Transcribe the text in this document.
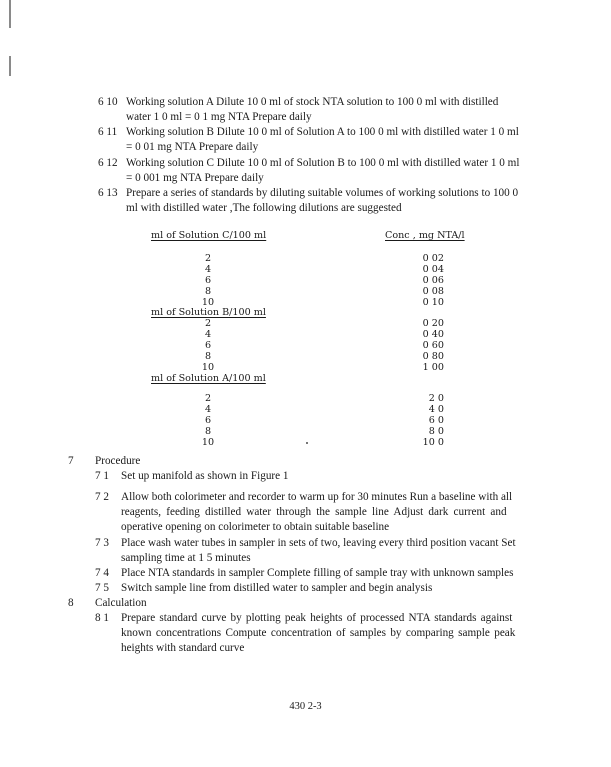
6 10 Working solution A Dilute 10 0 ml of stock NTA solution to 100 0 ml with distilled
water 1 0 ml = 0 1 mg NTA Prepare daily
6 11 Working solution B Dilute 10 0 ml of Solution A to 100 0 ml with distilled water 1 0 ml
= 0 01 mg NTA Prepare daily
6 12 Working solution C Dilute 10 0 ml of Solution B to 100 0 ml with distilled water 1 0 ml
= 0 001 mg NTA Prepare daily
6 13 Prepare a series of standards by diluting suitable volumes of working solutions to 100 0
ml with distilled water ,The following dilutions are suggested
ml of Solution C/100 ml	Conc , mg NTA/l
2	0 02
4	0 04
6	0 06
8	0 08
10	0 10
ml of Solution B/100 ml
2	0 20
4	0 40
6	0 60
8	0 80
10	1 00
ml of Solution A/100 ml
2	2 0
4	4 0
6	6 0
8	8 0
10	10 0
7 Procedure
7 1 Set up manifold as shown in Figure 1
7 2 Allow both colorimeter and recorder to warm up for 30 minutes Run a baseline with all
reagents, feeding distilled water through the sample line Adjust dark current and
operative opening on colorimeter to obtain suitable baseline
7 3 Place wash water tubes in sampler in sets of two, leaving every third position vacant Set
sampling time at 1 5 minutes
7 4 Place NTA standards in sampler Complete filling of sample tray with unknown samples
7 5 Switch sample line from distilled water to sampler and begin analysis
8 Calculation
8 1 Prepare standard curve by plotting peak heights of processed NTA standards against
known concentrations Compute concentration of samples by comparing sample peak
heights with standard curve
430 2-3
